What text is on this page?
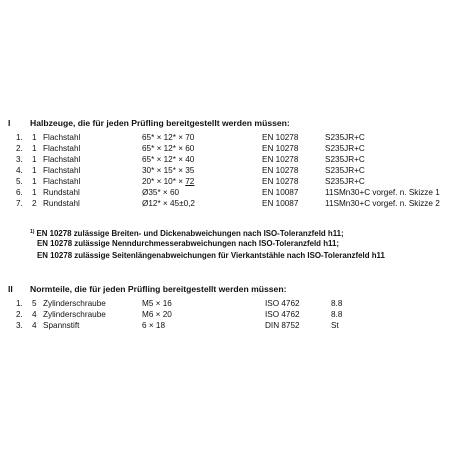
I Halbzeuge, die für jeden Prüfling bereitgestellt werden müssen:
1. 1 Flachstahl	65* × 12* × 70	EN 10278	S235JR+C
2. 1 Flachstahl	65* × 12* × 60	EN 10278	S235JR+C
3. 1 Flachstahl	65* × 12* × 40	EN 10278	S235JR+C
4. 1 Flachstahl	30* × 15* × 35	EN 10278	S235JR+C
5. 1 Flachstahl	20* × 10* × 72	EN 10278	S235JR+C
6. 1 Rundstahl	Ø35* × 60	EN 10087	11SMn30+C vorgef. n. Skizze 1
7. 2 Rundstahl	Ø12* × 45±0,2	EN 10087	11SMn30+C vorgef. n. Skizze 2
$^{1)}$ EN 10278 zulässige Breiten- und Dickenabweichungen nach ISO-Toleranzfeld h11;
EN 10278 zulässige Nenndurchmesserabweichungen nach ISO-Toleranzfeld h11;
EN 10278 zulässige Seitenlängenabweichungen für Vierkantstähle nach ISO-Toleranzfeld h11
II Normteile, die für jeden Prüfling bereitgestellt werden müssen:
1. 5 Zylinderschraube	M5 × 16	ISO 4762	8.8
2. 4 Zylinderschraube	M6 × 20	ISO 4762	8.8
3. 4 Spannstift	6 × 18	DIN 8752	St
